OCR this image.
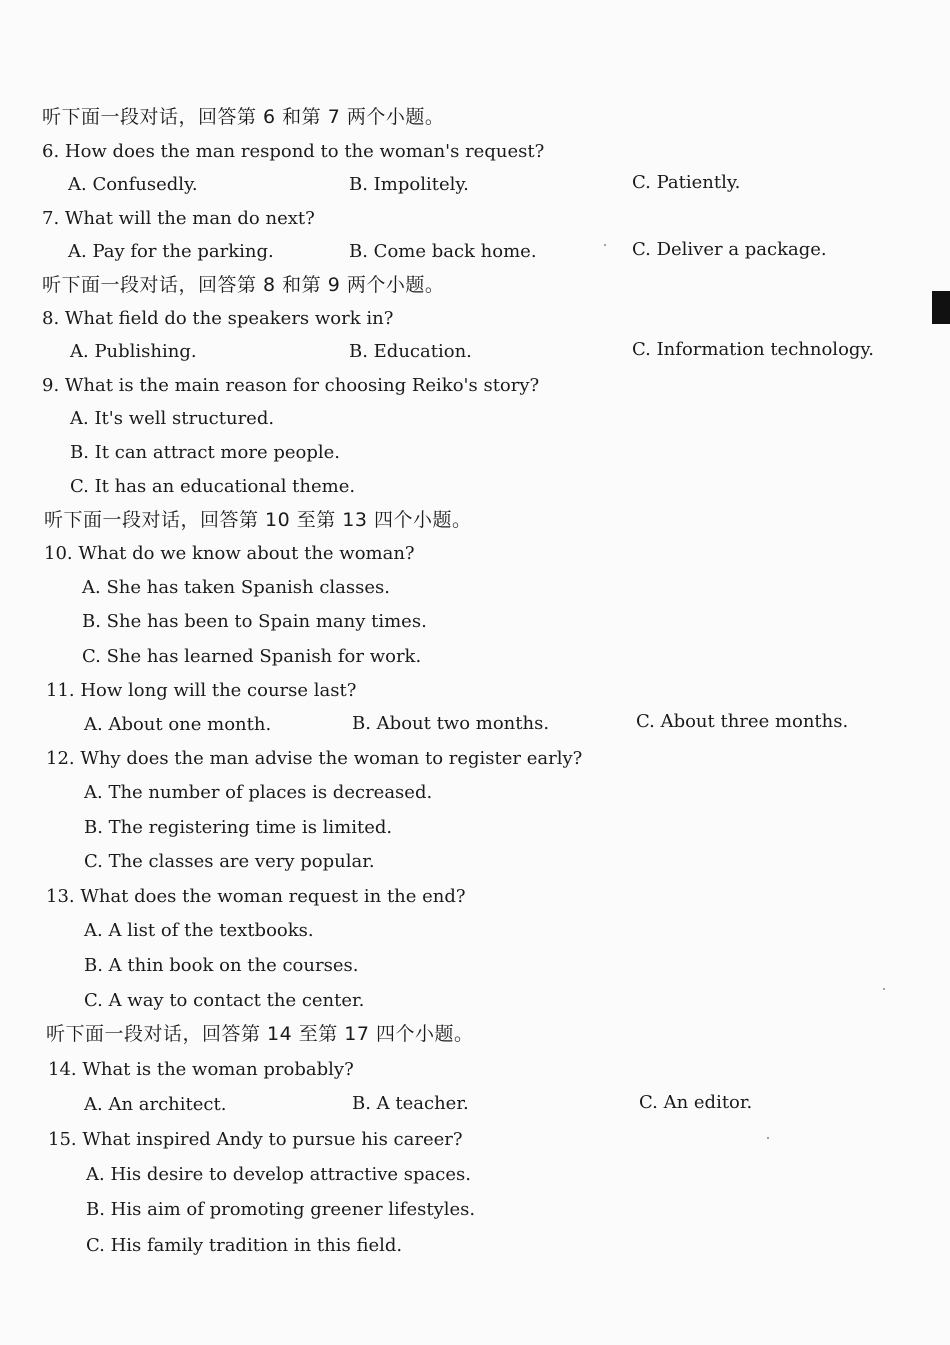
听下面一段对话，回答第 6 和第 7 两个小题。
6. How does the man respond to the woman's request?
A. Confusedly.	B. Impolitely.	C. Patiently.
7. What will the man do next?
A. Pay for the parking.	B. Come back home.	C. Deliver a package.
听下面一段对话，回答第 8 和第 9 两个小题。
8. What field do the speakers work in?
A. Publishing.	B. Education.	C. Information technology.
9. What is the main reason for choosing Reiko's story?
A. It's well structured.
B. It can attract more people.
C. It has an educational theme.
听下面一段对话，回答第 10 至第 13 四个小题。
10. What do we know about the woman?
A. She has taken Spanish classes.
B. She has been to Spain many times.
C. She has learned Spanish for work.
11. How long will the course last?
A. About one month.	B. About two months.	C. About three months.
12. Why does the man advise the woman to register early?
A. The number of places is decreased.
B. The registering time is limited.
C. The classes are very popular.
13. What does the woman request in the end?
A. A list of the textbooks.
B. A thin book on the courses.
C. A way to contact the center.
听下面一段对话，回答第 14 至第 17 四个小题。
14. What is the woman probably?
A. An architect.	B. A teacher.	C. An editor.
15. What inspired Andy to pursue his career?
A. His desire to develop attractive spaces.
B. His aim of promoting greener lifestyles.
C. His family tradition in this field.
